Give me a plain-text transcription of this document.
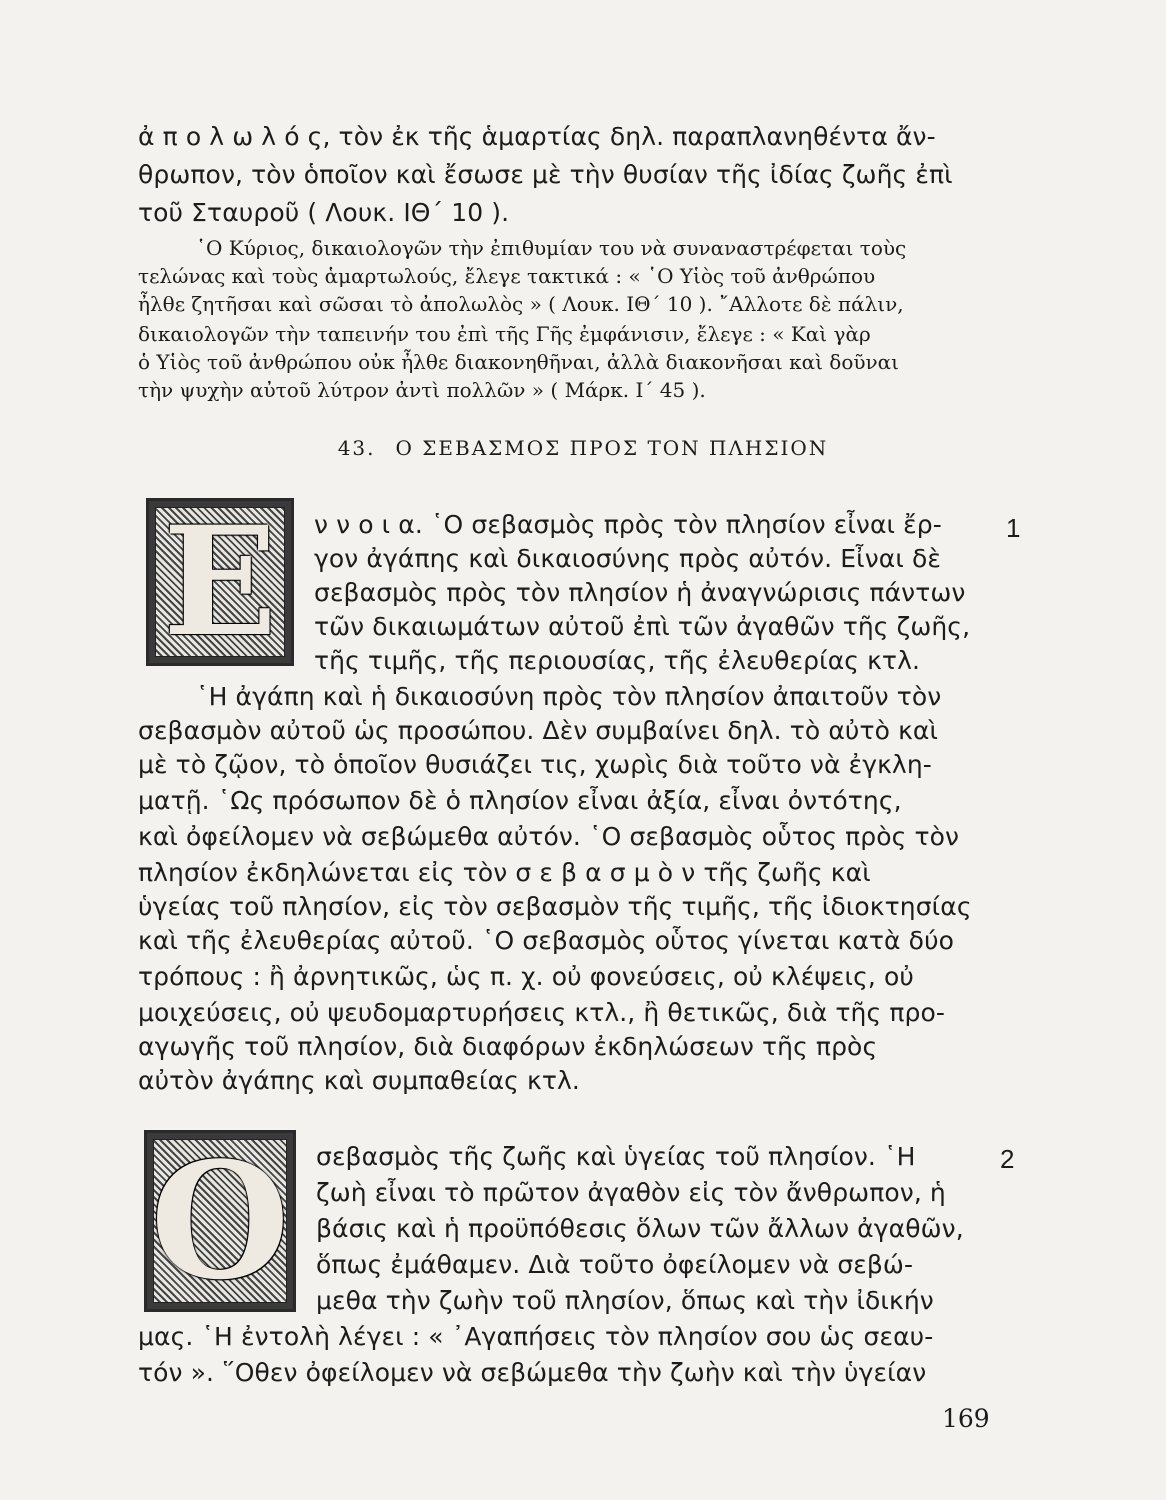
ἀ π ο λ ω λ ό ς, τὸν ἐκ τῆς ἁμαρτίας δηλ. παραπλανηθέντα ἄν-
θρωπον, τὸν ὁποῖον καὶ ἔσωσε μὲ τὴν θυσίαν τῆς ἰδίας ζωῆς ἐπὶ
τοῦ Σταυροῦ ( Λουκ. ΙΘ΄ 10 ).
῾Ο Κύριος, δικαιολογῶν τὴν ἐπιθυμίαν του νὰ συναναστρέφεται τοὺς
τελώνας καὶ τοὺς ἁμαρτωλούς, ἔλεγε τακτικά : « ῾Ο Υἱὸς τοῦ ἀνθρώπου
ἦλθε ζητῆσαι καὶ σῶσαι τὸ ἀπολωλὸς » ( Λουκ. ΙΘ΄ 10 ). ῎Αλλοτε δὲ πάλιν,
δικαιολογῶν τὴν ταπεινήν του ἐπὶ τῆς Γῆς ἐμφάνισιν, ἔλεγε : « Καὶ γὰρ
ὁ Υἱὸς τοῦ ἀνθρώπου οὐκ ἦλθε διακονηθῆναι, ἀλλὰ διακονῆσαι καὶ δοῦναι
τὴν ψυχὴν αὐτοῦ λύτρον ἀντὶ πολλῶν » ( Μάρκ. Ι΄ 45 ).
43. Ο ΣΕΒΑΣΜΟΣ ΠΡΟΣ ΤΟΝ ΠΛΗΣΙΟΝ
E	1
ν ν ο ι α. ῾Ο σεβασμὸς πρὸς τὸν πλησίον εἶναι ἔρ-
γον ἀγάπης καὶ δικαιοσύνης πρὸς αὐτόν. Εἶναι δὲ
σεβασμὸς πρὸς τὸν πλησίον ἡ ἀναγνώρισις πάντων
τῶν δικαιωμάτων αὐτοῦ ἐπὶ τῶν ἀγαθῶν τῆς ζωῆς,
τῆς τιμῆς, τῆς περιουσίας, τῆς ἐλευθερίας κτλ.
῾Η ἀγάπη καὶ ἡ δικαιοσύνη πρὸς τὸν πλησίον ἀπαιτοῦν τὸν
σεβασμὸν αὐτοῦ ὡς προσώπου. Δὲν συμβαίνει δηλ. τὸ αὐτὸ καὶ
μὲ τὸ ζῷον, τὸ ὁποῖον θυσιάζει τις, χωρὶς διὰ τοῦτο νὰ ἐγκλη-
ματῇ. ῾Ως πρόσωπον δὲ ὁ πλησίον εἶναι ἀξία, εἶναι ὀντότης,
καὶ ὀφείλομεν νὰ σεβώμεθα αὐτόν. ῾Ο σεβασμὸς οὗτος πρὸς τὸν
πλησίον ἐκδηλώνεται εἰς τὸν σ ε β α σ μ ὸ ν τῆς ζωῆς καὶ
ὑγείας τοῦ πλησίον, εἰς τὸν σεβασμὸν τῆς τιμῆς, τῆς ἰδιοκτησίας
καὶ τῆς ἐλευθερίας αὐτοῦ. ῾Ο σεβασμὸς οὗτος γίνεται κατὰ δύο
τρόπους : ἢ ἀρνητικῶς, ὡς π. χ. οὐ φονεύσεις, οὐ κλέψεις, οὐ
μοιχεύσεις, οὐ ψευδομαρτυρήσεις κτλ., ἢ θετικῶς, διὰ τῆς προ-
αγωγῆς τοῦ πλησίον, διὰ διαφόρων ἐκδηλώσεων τῆς πρὸς
αὐτὸν ἀγάπης καὶ συμπαθείας κτλ.
O	2
σεβασμὸς τῆς ζωῆς καὶ ὑγείας τοῦ πλησίον. ῾Η
ζωὴ εἶναι τὸ πρῶτον ἀγαθὸν εἰς τὸν ἄνθρωπον, ἡ
βάσις καὶ ἡ προϋπόθεσις ὅλων τῶν ἄλλων ἀγαθῶν,
ὅπως ἐμάθαμεν. Διὰ τοῦτο ὀφείλομεν νὰ σεβώ-
μεθα τὴν ζωὴν τοῦ πλησίον, ὅπως καὶ τὴν ἰδικήν
μας. ῾Η ἐντολὴ λέγει : « ᾿Αγαπήσεις τὸν πλησίον σου ὡς σεαυ-
τόν ». ῞Οθεν ὀφείλομεν νὰ σεβώμεθα τὴν ζωὴν καὶ τὴν ὑγείαν
169
